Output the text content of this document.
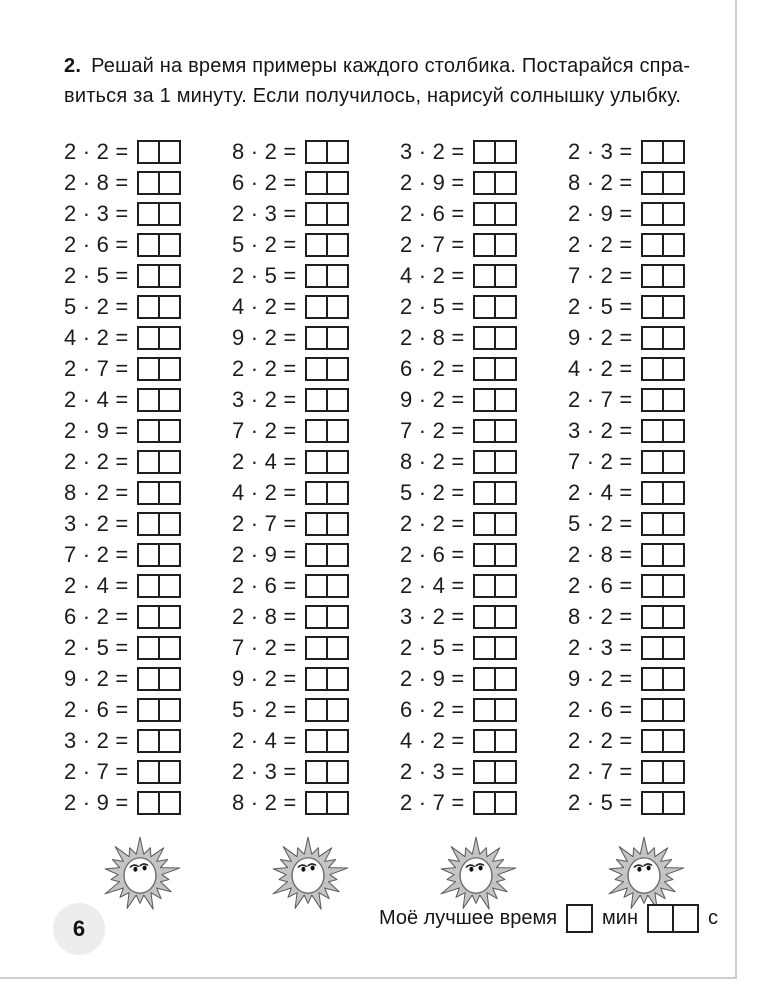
2. Решай на время примеры каждого столбика. Постарайся спра-
виться за 1 минуту. Если получилось, нарисуй солнышку улыбку.

2 · 2 =
2 · 8 =
2 · 3 =
2 · 6 =
2 · 5 =
5 · 2 =
4 · 2 =
2 · 7 =
2 · 4 =
2 · 9 =
2 · 2 =
8 · 2 =
3 · 2 =
7 · 2 =
2 · 4 =
6 · 2 =
2 · 5 =
9 · 2 =
2 · 6 =
3 · 2 =
2 · 7 =
2 · 9 =
8 · 2 =
6 · 2 =
2 · 3 =
5 · 2 =
2 · 5 =
4 · 2 =
9 · 2 =
2 · 2 =
3 · 2 =
7 · 2 =
2 · 4 =
4 · 2 =
2 · 7 =
2 · 9 =
2 · 6 =
2 · 8 =
7 · 2 =
9 · 2 =
5 · 2 =
2 · 4 =
2 · 3 =
8 · 2 =
3 · 2 =
2 · 9 =
2 · 6 =
2 · 7 =
4 · 2 =
2 · 5 =
2 · 8 =
6 · 2 =
9 · 2 =
7 · 2 =
8 · 2 =
5 · 2 =
2 · 2 =
2 · 6 =
2 · 4 =
3 · 2 =
2 · 5 =
2 · 9 =
6 · 2 =
4 · 2 =
2 · 3 =
2 · 7 =
2 · 3 =
8 · 2 =
2 · 9 =
2 · 2 =
7 · 2 =
2 · 5 =
9 · 2 =
4 · 2 =
2 · 7 =
3 · 2 =
7 · 2 =
2 · 4 =
5 · 2 =
2 · 8 =
2 · 6 =
8 · 2 =
2 · 3 =
9 · 2 =
2 · 6 =
2 · 2 =
2 · 7 =
2 · 5 =
6	Моё лучшее время мин	с
